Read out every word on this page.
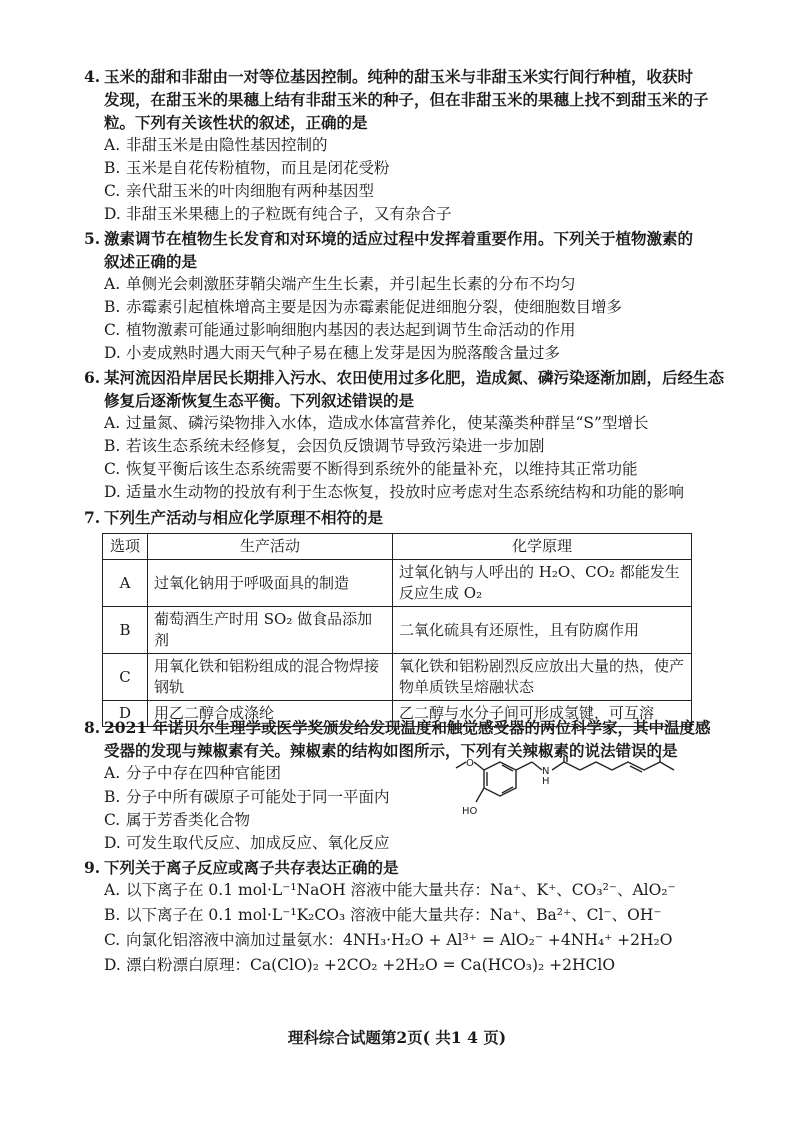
4. 玉米的甜和非甜由一对等位基因控制。纯种的甜玉米与非甜玉米实行间行种植，收获时
发现，在甜玉米的果穗上结有非甜玉米的种子，但在非甜玉米的果穗上找不到甜玉米的子
粒。下列有关该性状的叙述，正确的是
A. 非甜玉米是由隐性基因控制的
B. 玉米是自花传粉植物，而且是闭花受粉
C. 亲代甜玉米的叶肉细胞有两种基因型
D. 非甜玉米果穗上的子粒既有纯合子，又有杂合子
5. 激素调节在植物生长发育和对环境的适应过程中发挥着重要作用。下列关于植物激素的
叙述正确的是
A. 单侧光会刺激胚芽鞘尖端产生生长素，并引起生长素的分布不均匀
B. 赤霉素引起植株增高主要是因为赤霉素能促进细胞分裂，使细胞数目增多
C. 植物激素可能通过影响细胞内基因的表达起到调节生命活动的作用
D. 小麦成熟时遇大雨天气种子易在穗上发芽是因为脱落酸含量过多
6. 某河流因沿岸居民长期排入污水、农田使用过多化肥，造成氮、磷污染逐渐加剧，后经生态
修复后逐渐恢复生态平衡。下列叙述错误的是
A. 过量氮、磷污染物排入水体，造成水体富营养化，使某藻类种群呈“S”型增长
B. 若该生态系统未经修复，会因负反馈调节导致污染进一步加剧
C. 恢复平衡后该生态系统需要不断得到系统外的能量补充，以维持其正常功能
D. 适量水生动物的投放有利于生态恢复，投放时应考虑对生态系统结构和功能的影响
7. 下列生产活动与相应化学原理不相符的是
选项	生产活动	化学原理
A	过氧化钠用于呼吸面具的制造	过氧化钠与人呼出的 H₂O、CO₂ 都能发生反应生成 O₂
B	葡萄酒生产时用 SO₂ 做食品添加剂	二氧化硫具有还原性，且有防腐作用
C	用氧化铁和铝粉组成的混合物焊接钢轨	氧化铁和铝粉剧烈反应放出大量的热，使产物单质铁呈熔融状态
D	用乙二醇合成涤纶	乙二醇与水分子间可形成氢键，可互溶
8. 2021 年诺贝尔生理学或医学奖颁发给发现温度和触觉感受器的两位科学家，其中温度感
受器的发现与辣椒素有关。辣椒素的结构如图所示，下列有关辣椒素的说法错误的是
A. 分子中存在四种官能团
B. 分子中所有碳原子可能处于同一平面内
C. 属于芳香类化合物
D. 可发生取代反应、加成反应、氧化反应
O
N
H
HO
9. 下列关于离子反应或离子共存表达正确的是
A. 以下离子在 0.1 mol·L⁻¹NaOH 溶液中能大量共存：Na⁺、K⁺、CO₃²⁻、AlO₂⁻
B. 以下离子在 0.1 mol·L⁻¹K₂CO₃ 溶液中能大量共存：Na⁺、Ba²⁺、Cl⁻、OH⁻
C. 向氯化铝溶液中滴加过量氨水：4NH₃·H₂O + Al³⁺ = AlO₂⁻ +4NH₄⁺ +2H₂O
D. 漂白粉漂白原理：Ca(ClO)₂ +2CO₂ +2H₂O = Ca(HCO₃)₂ +2HClO
理科综合试题第2页( 共1 4 页)
